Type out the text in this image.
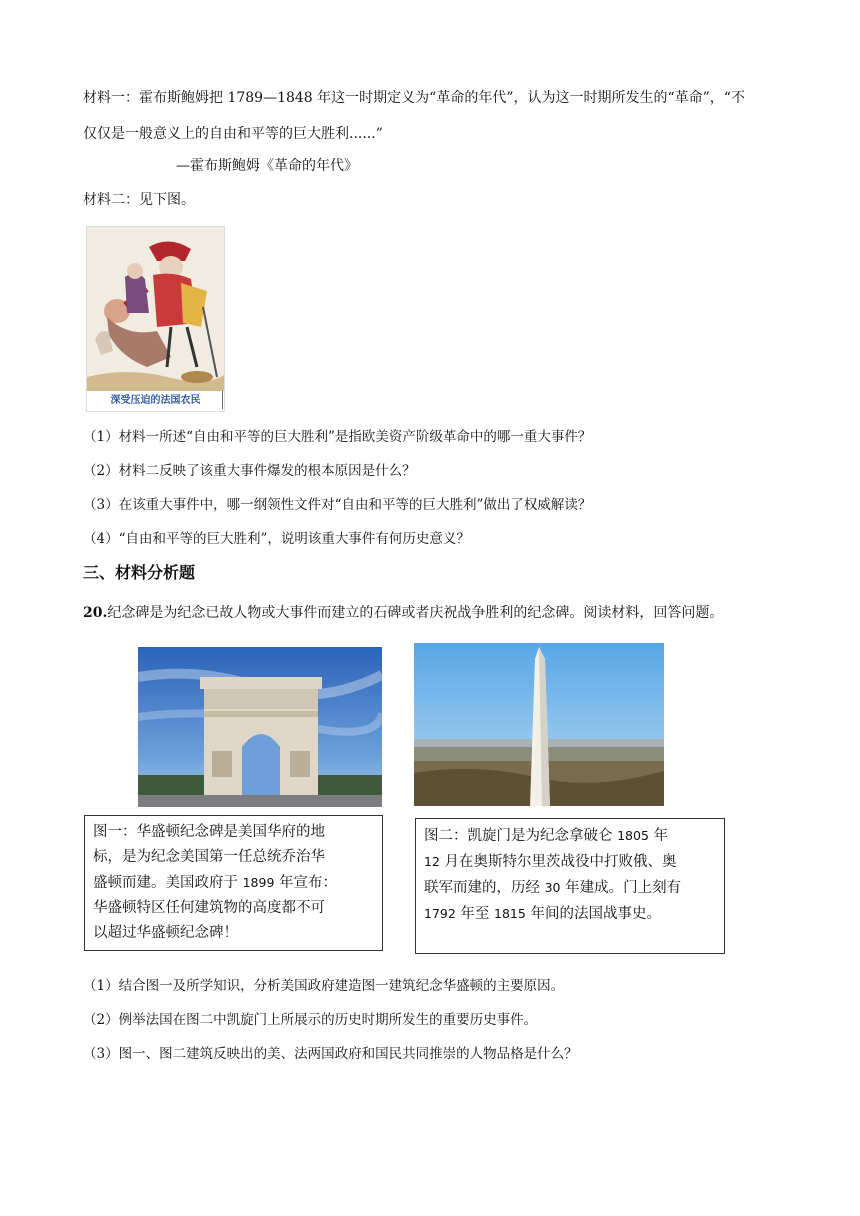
材料一：霍布斯鲍姆把 1789—1848 年这一时期定义为“革命的年代”，认为这一时期所发生的“革命”，“不
仅仅是一般意义上的自由和平等的巨大胜利......”
—霍布斯鲍姆《革命的年代》
材料二：见下图。
深受压迫的法国农民
（1）材料一所述“自由和平等的巨大胜利”是指欧美资产阶级革命中的哪一重大事件？
（2）材料二反映了该重大事件爆发的根本原因是什么？
（3）在该重大事件中，哪一纲领性文件对“自由和平等的巨大胜利”做出了权威解读？
（4）“自由和平等的巨大胜利”，说明该重大事件有何历史意义？
三、材料分析题
20.纪念碑是为纪念已故人物或大事件而建立的石碑或者庆祝战争胜利的纪念碑。阅读材料，回答问题。
图一：华盛顿纪念碑是美国华府的地
标，是为纪念美国第一任总统乔治华
盛顿而建。美国政府于 1899 年宣布：
华盛顿特区任何建筑物的高度都不可
以超过华盛顿纪念碑！
图二：凯旋门是为纪念拿破仑 1805 年
12 月在奥斯特尔里茨战役中打败俄、奥
联军而建的，历经 30 年建成。门上刻有
1792 年至 1815 年间的法国战事史。
（1）结合图一及所学知识，分析美国政府建造图一建筑纪念华盛顿的主要原因。
（2）例举法国在图二中凯旋门上所展示的历史时期所发生的重要历史事件。
（3）图一、图二建筑反映出的美、法两国政府和国民共同推崇的人物品格是什么？
